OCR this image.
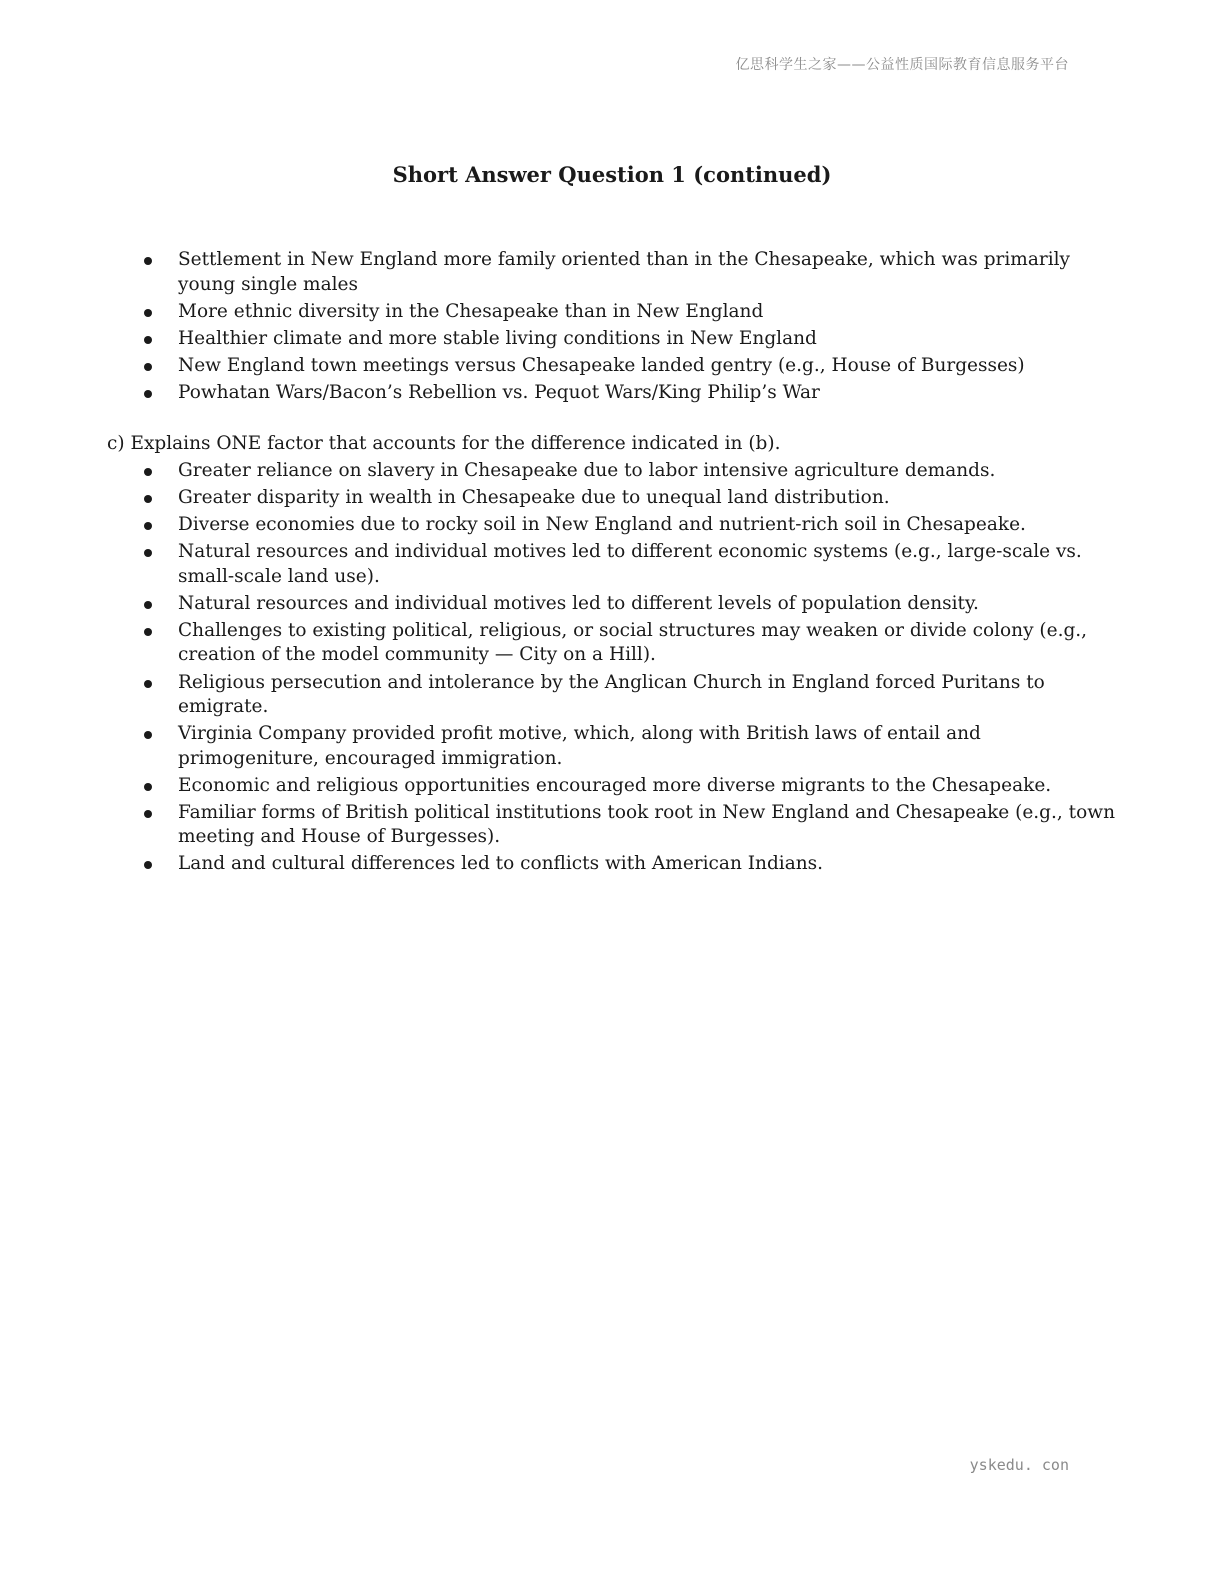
亿思科学生之家——公益性质国际教育信息服务平台
Short Answer Question 1 (continued)
Settlement in New England more family oriented than in the Chesapeake, which was primarily young single males
More ethnic diversity in the Chesapeake than in New England
Healthier climate and more stable living conditions in New England
New England town meetings versus Chesapeake landed gentry (e.g., House of Burgesses)
Powhatan Wars/Bacon’s Rebellion vs. Pequot Wars/King Philip’s War

c) Explains ONE factor that accounts for the difference indicated in (b).

Greater reliance on slavery in Chesapeake due to labor intensive agriculture demands.
Greater disparity in wealth in Chesapeake due to unequal land distribution.
Diverse economies due to rocky soil in New England and nutrient-rich soil in Chesapeake.
Natural resources and individual motives led to different economic systems (e.g., large-scale vs. small-scale land use).
Natural resources and individual motives led to different levels of population density.
Challenges to existing political, religious, or social structures may weaken or divide colony (e.g., creation of the model community — City on a Hill).
Religious persecution and intolerance by the Anglican Church in England forced Puritans to emigrate.
Virginia Company provided profit motive, which, along with British laws of entail and primogeniture, encouraged immigration.
Economic and religious opportunities encouraged more diverse migrants to the Chesapeake.
Familiar forms of British political institutions took root in New England and Chesapeake (e.g., town meeting and House of Burgesses).
Land and cultural differences led to conflicts with American Indians.
yskedu. con
